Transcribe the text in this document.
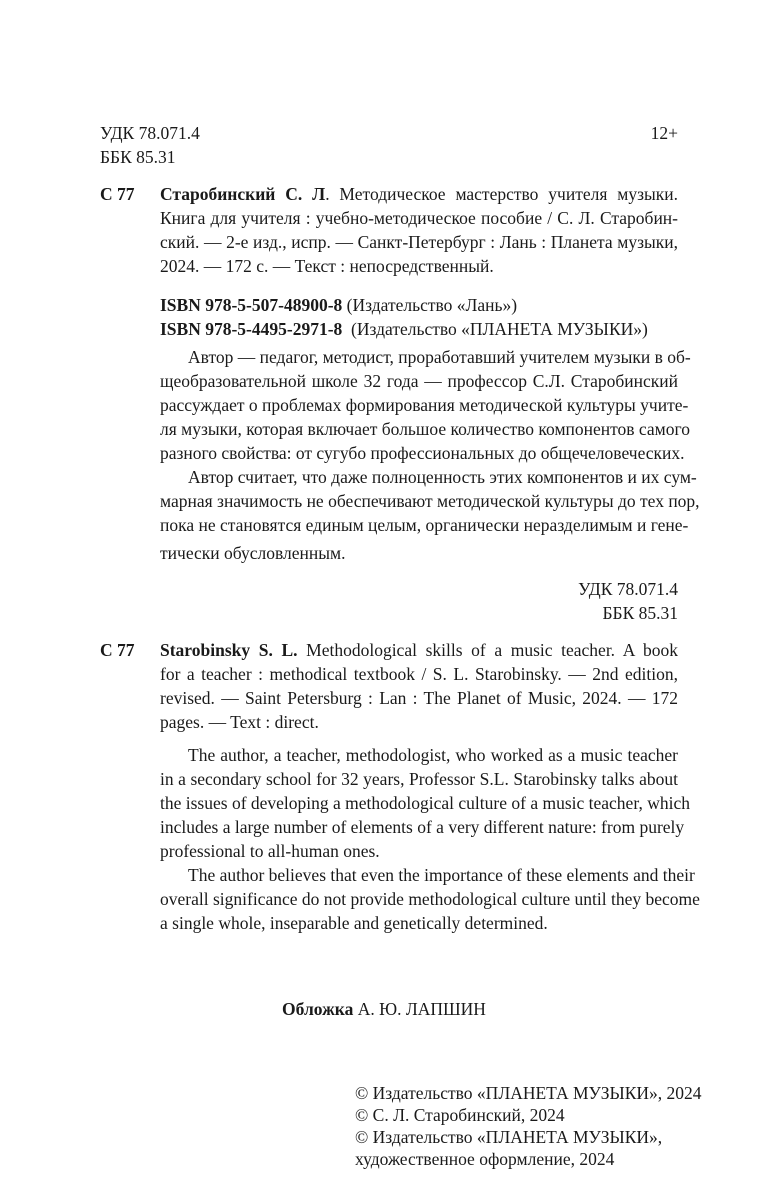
УДК 78.071.4
ББК 85.31
12+
С 77 Старобинский С. Л. Методическое мастерство учителя музыки.
Книга для учителя : учебно-методическое пособие / С. Л. Старобин-
ский. — 2-е изд., испр. — Санкт-Петербург : Лань : Планета музыки,
2024. — 172 с. — Текст : непосредственный.
ISBN 978-5-507-48900-8 (Издательство «Лань»)
ISBN 978-5-4495-2971-8 (Издательство «ПЛАНЕТА МУЗЫКИ»)
Автор — педагог, методист, проработавший учителем музыки в об-
щеобразовательной школе 32 года — профессор С.Л. Старобинский
рассуждает о проблемах формирования методической культуры учите-
ля музыки, которая включает большое количество компонентов самого
разного свойства: от сугубо профессиональных до общечеловеческих.
Автор считает, что даже полноценность этих компонентов и их сум-
марная значимость не обеспечивают методической культуры до тех пор,
пока не становятся единым целым, органически неразделимым и гене-
тически обусловленным.
УДК 78.071.4
ББК 85.31
С 77 Starobinsky S. L. Methodological skills of a music teacher. A book
for a teacher : methodical textbook / S. L. Starobinsky. — 2nd edition,
revised. — Saint Petersburg : Lan : The Planet of Music, 2024. — 172
pages. — Text : direct.
The author, a teacher, methodologist, who worked as a music teacher
in a secondary school for 32 years, Professor S.L. Starobinsky talks about
the issues of developing a methodological culture of a music teacher, which
includes a large number of elements of a very different nature: from purely
professional to all-human ones.
The author believes that even the importance of these elements and their
overall significance do not provide methodological culture until they become
a single whole, inseparable and genetically determined.
Обложка А. Ю. ЛАПШИН
© Издательство «ПЛАНЕТА МУЗЫКИ», 2024
© С. Л. Старобинский, 2024
© Издательство «ПЛАНЕТА МУЗЫКИ»,
художественное оформление, 2024
